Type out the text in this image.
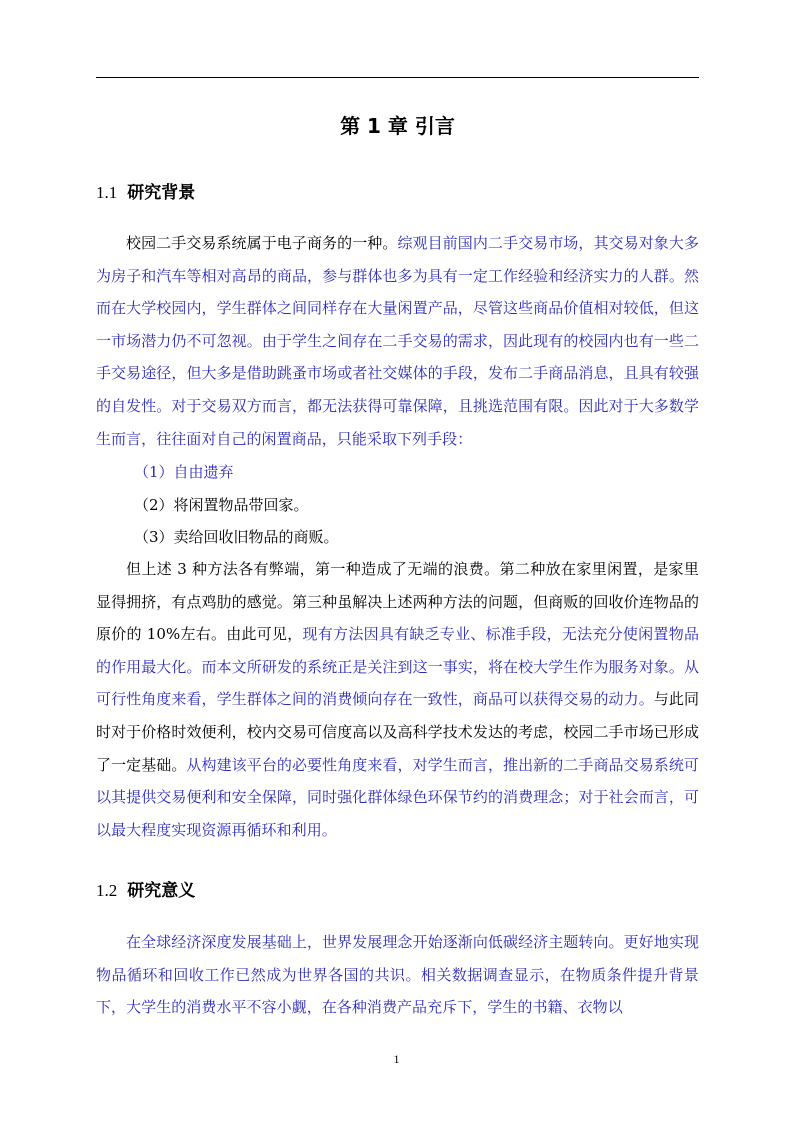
第 1 章 引言
1.1 研究背景

校园二手交易系统属于电子商务的一种。综观目前国内二手交易市场，其交易对象大多为房子和汽车等相对高昂的商品，参与群体也多为具有一定工作经验和经济实力的人群。然而在大学校园内，学生群体之间同样存在大量闲置产品，尽管这些商品价值相对较低，但这一市场潜力仍不可忽视。由于学生之间存在二手交易的需求，因此现有的校园内也有一些二手交易途径，但大多是借助跳蚤市场或者社交媒体的手段，发布二手商品消息，且具有较强的自发性。对于交易双方而言，都无法获得可靠保障，且挑选范围有限。因此对于大多数学生而言，往往面对自己的闲置商品，只能采取下列手段：

（1）自由遗弃
（2）将闲置物品带回家。
（3）卖给回收旧物品的商贩。

但上述 3 种方法各有弊端，第一种造成了无端的浪费。第二种放在家里闲置，是家里显得拥挤，有点鸡肋的感觉。第三种虽解决上述两种方法的问题，但商贩的回收价连物品的原价的 10%左右。由此可见，现有方法因具有缺乏专业、标准手段，无法充分使闲置物品的作用最大化。而本文所研发的系统正是关注到这一事实，将在校大学生作为服务对象。从可行性角度来看，学生群体之间的消费倾向存在一致性，商品可以获得交易的动力。与此同时对于价格时效便利，校内交易可信度高以及高科学技术发达的考虑，校园二手市场已形成了一定基础。从构建该平台的必要性角度来看，对学生而言，推出新的二手商品交易系统可以其提供交易便利和安全保障，同时强化群体绿色环保节约的消费理念；对于社会而言，可以最大程度实现资源再循环和利用。

1.2 研究意义

在全球经济深度发展基础上，世界发展理念开始逐渐向低碳经济主题转向。更好地实现物品循环和回收工作已然成为世界各国的共识。相关数据调查显示，在物质条件提升背景下，大学生的消费水平不容小觑，在各种消费产品充斥下，学生的书籍、衣物以

1
